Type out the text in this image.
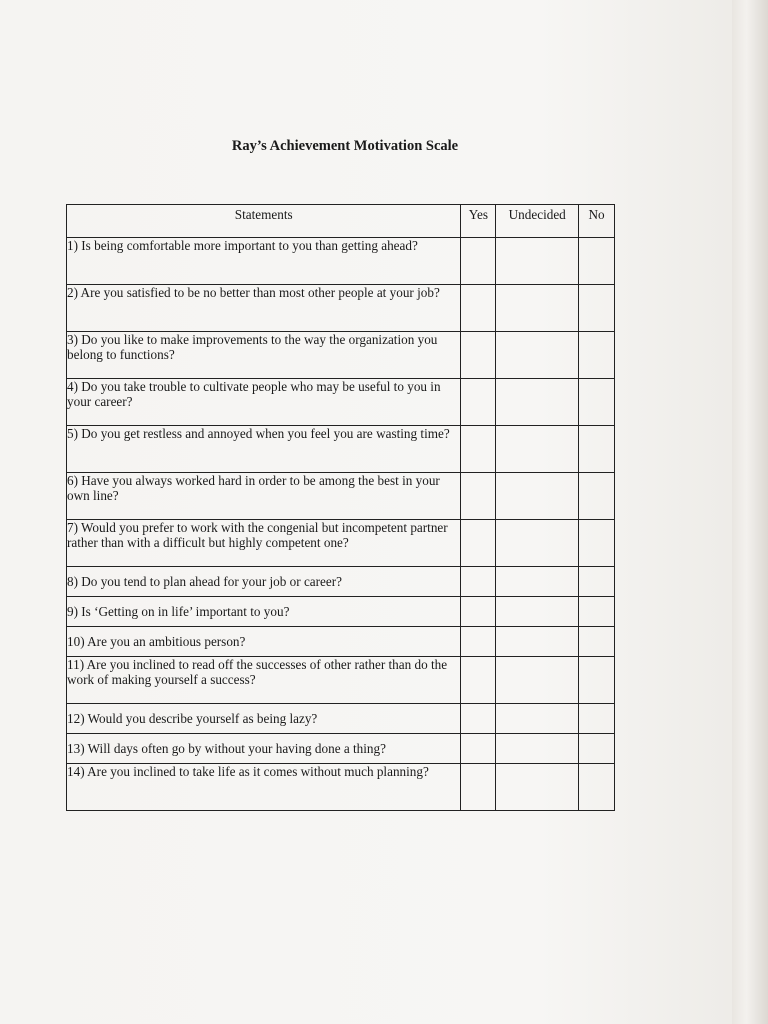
Ray’s Achievement Motivation Scale
Statements	Yes	Undecided	No
1) Is being comfortable more important to you than getting ahead?			
2) Are you satisfied to be no better than most other people at your job?			
3) Do you like to make improvements to the way the organization you belong to functions?			
4) Do you take trouble to cultivate people who may be useful to you in your career?			
5) Do you get restless and annoyed when you feel you are wasting time?			
6) Have you always worked hard in order to be among the best in your own line?			
7) Would you prefer to work with the congenial but incompetent partner rather than with a difficult but highly competent one?			
8) Do you tend to plan ahead for your job or career?			
9) Is ‘Getting on in life’ important to you?			
10) Are you an ambitious person?			
11) Are you inclined to read off the successes of other rather than do the work of making yourself a success?			
12) Would you describe yourself as being lazy?			
13) Will days often go by without your having done a thing?			
14) Are you inclined to take life as it comes without much planning?			
